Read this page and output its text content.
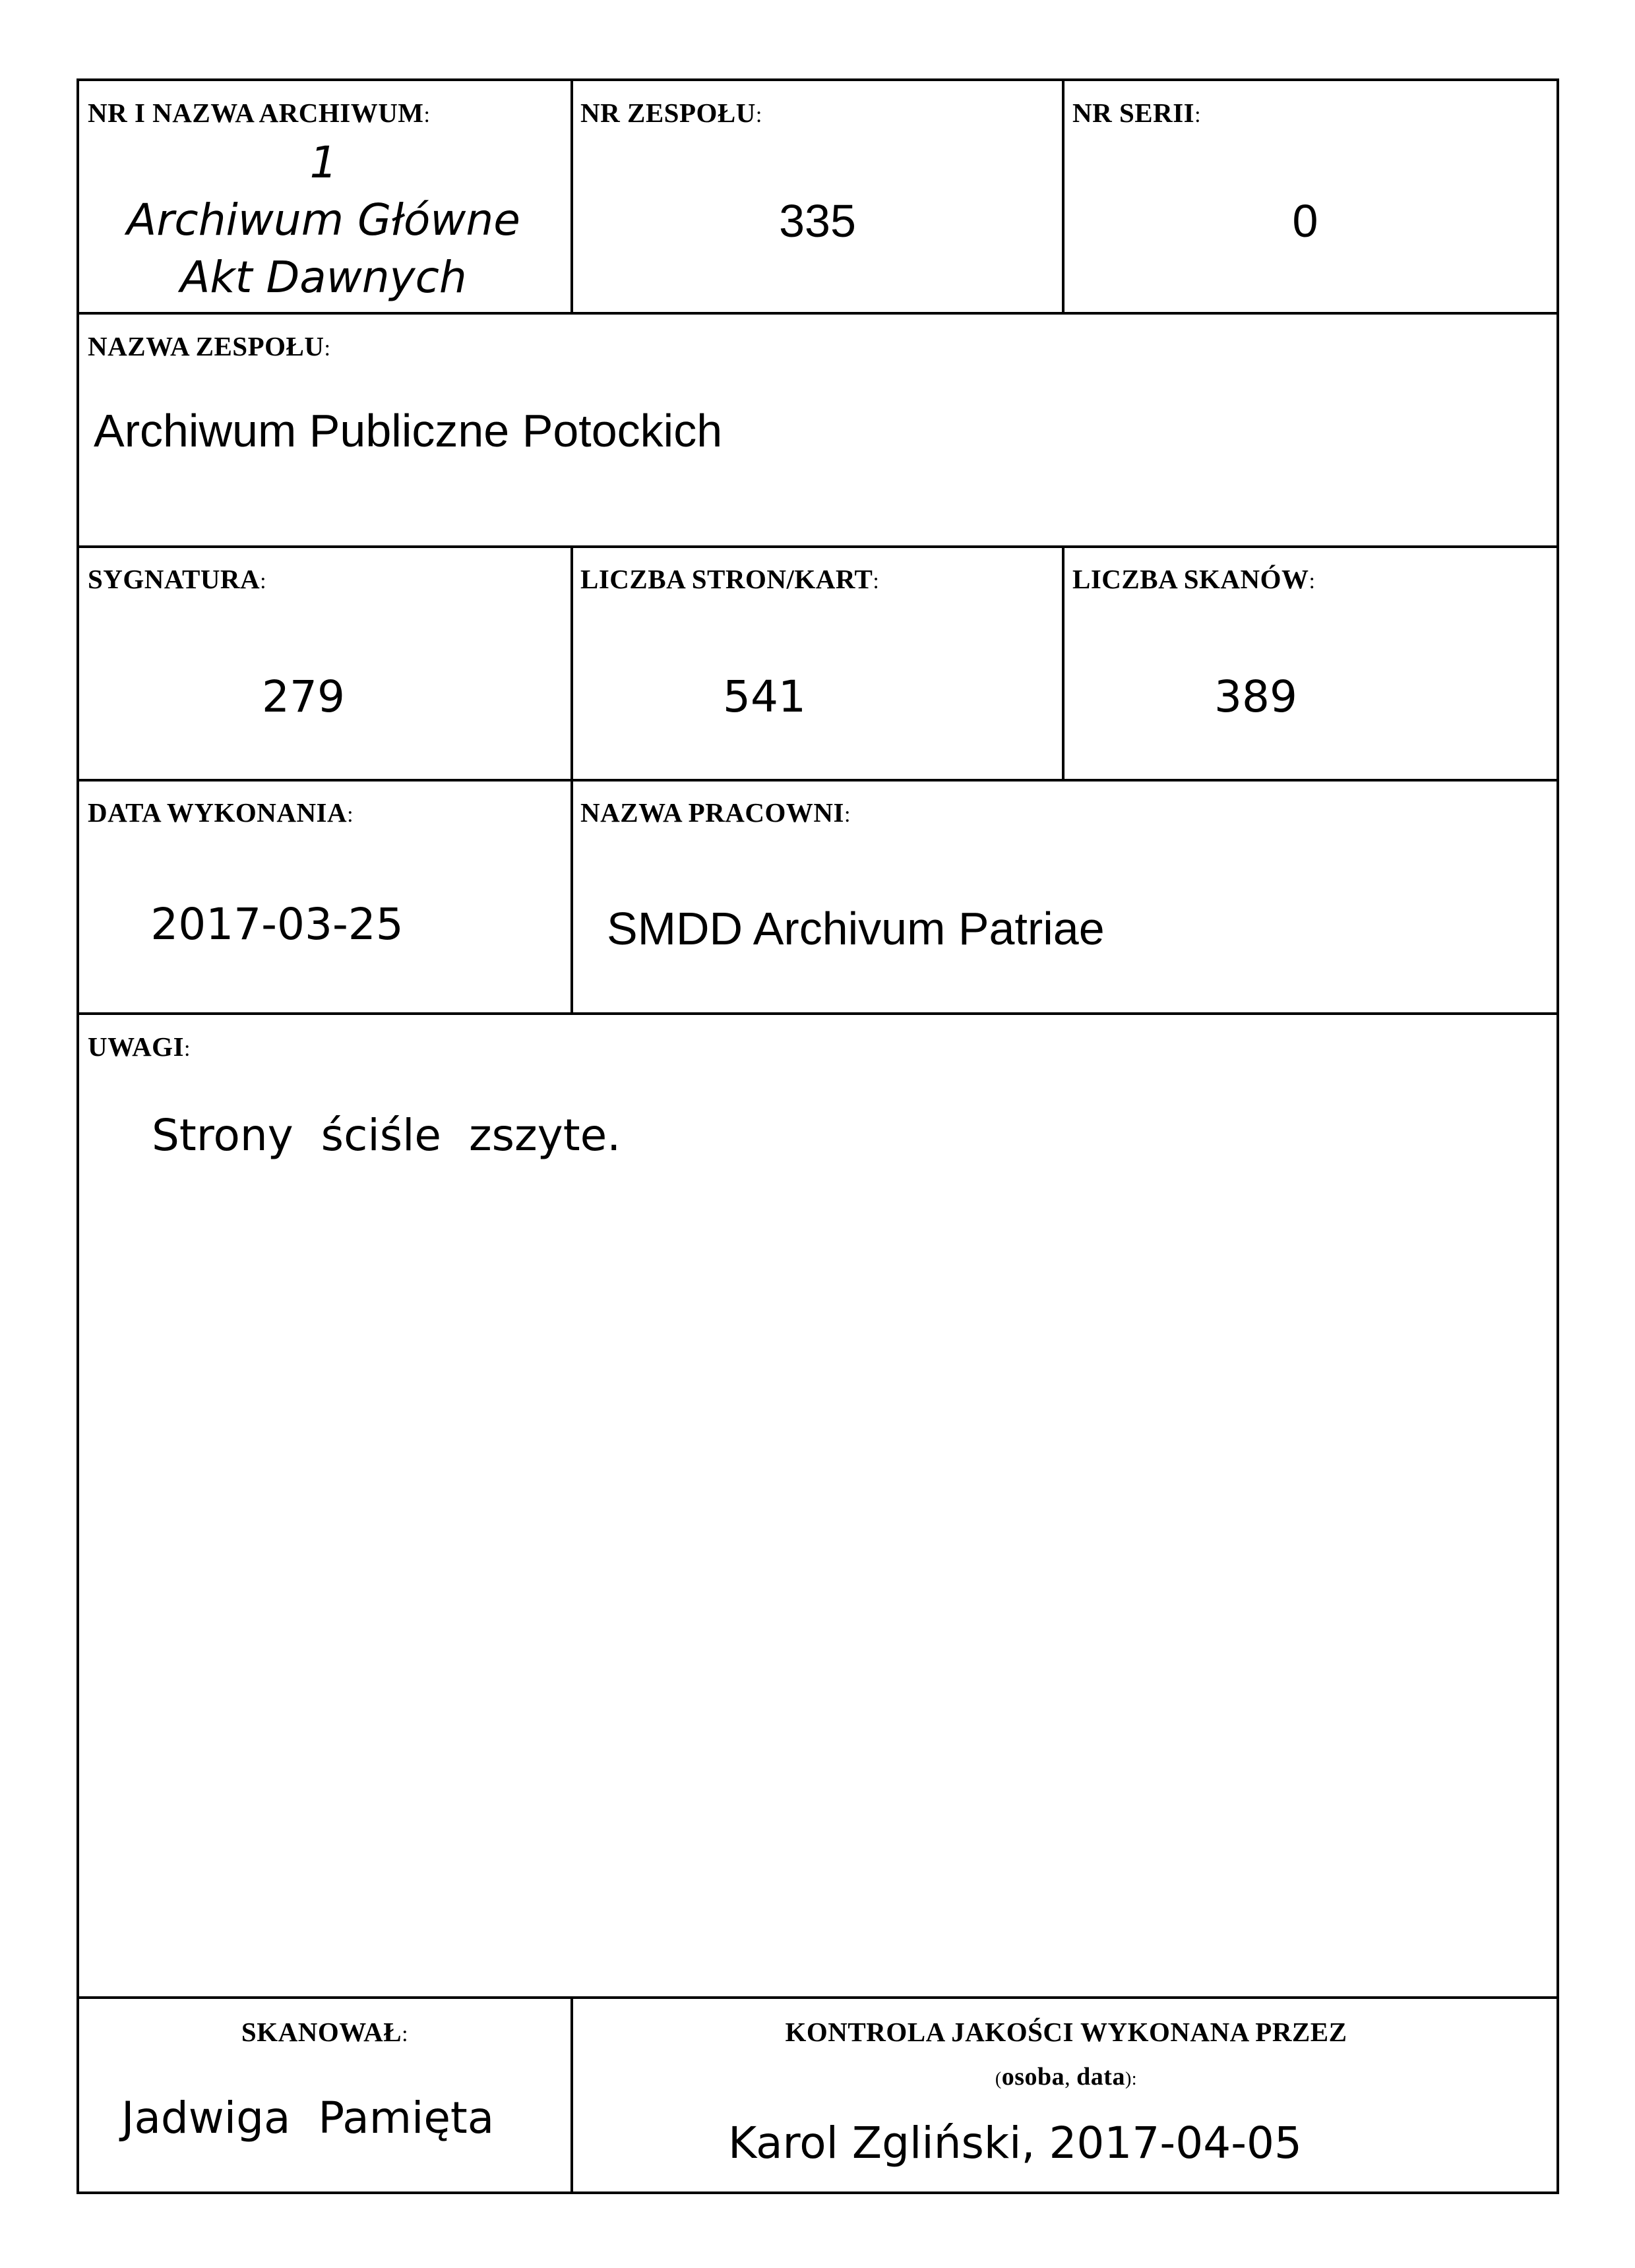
NR I NAZWA ARCHIWUM:
1
Archiwum Główne
Akt Dawnych
NR ZESPOŁU:
335
NR SERII:
0
NAZWA ZESPOŁU:
Archiwum Publiczne Potockich
SYGNATURA:
279
LICZBA STRON/KART:
541
LICZBA SKANÓW:
389
DATA WYKONANIA:
2017-03-25
NAZWA PRACOWNI:
SMDD Archivum Patriae
UWAGI:
Strony  ściśle  zszyte.
SKANOWAŁ:
Jadwiga  Pamięta
KONTROLA JAKOŚCI WYKONANA PRZEZ
(osoba, data):
Karol Zgliński, 2017-04-05
